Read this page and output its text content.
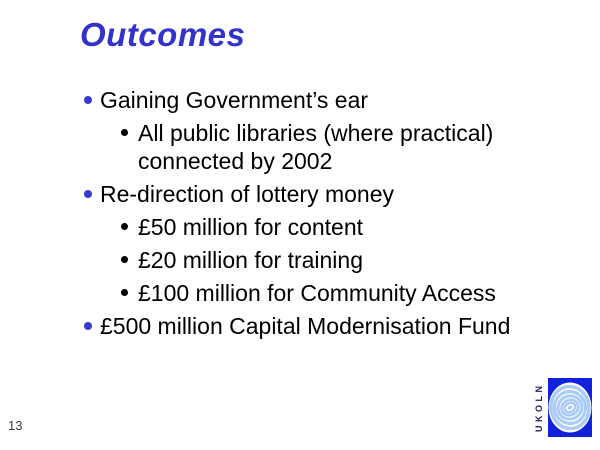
Outcomes
Gaining Government’s ear
All public libraries (where practical) connected by 2002
Re-direction of lottery money
£50 million for content
£20 million for training
£100 million for Community Access
£500 million Capital Modernisation Fund
13	UKOLN
